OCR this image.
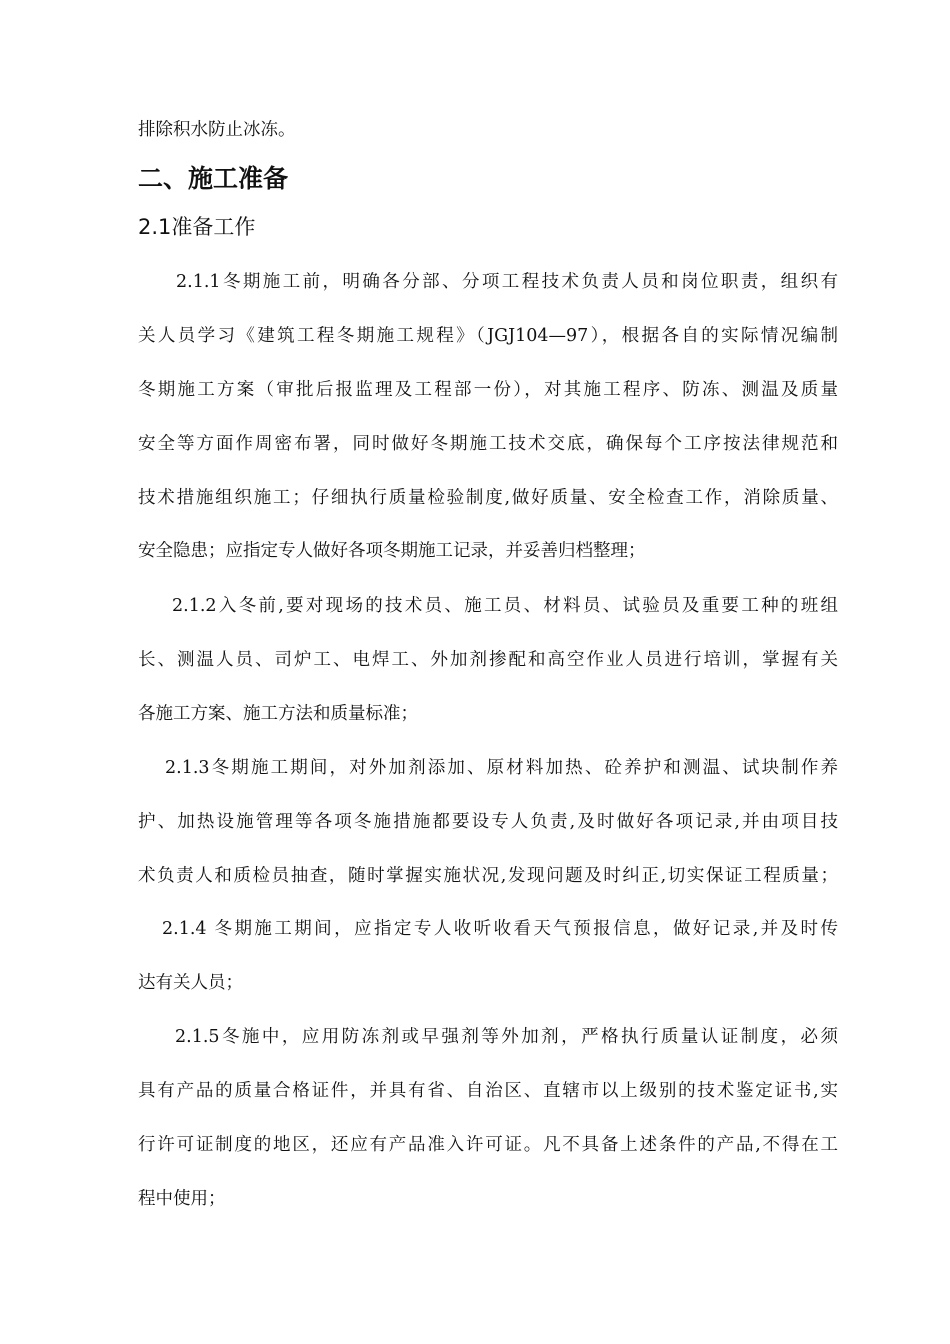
排除积水防止冰冻。
二、施工准备
2.1准备工作
2.1.1冬期施工前，明确各分部、分项工程技术负责人员和岗位职责，组织有
关人员学习《建筑工程冬期施工规程》（JGJ104—97），根据各自的实际情况编制
冬期施工方案（审批后报监理及工程部一份），对其施工程序、防冻、测温及质量
安全等方面作周密布署，同时做好冬期施工技术交底，确保每个工序按法律规范和
技术措施组织施工；仔细执行质量检验制度,做好质量、安全检查工作，消除质量、
安全隐患；应指定专人做好各项冬期施工记录，并妥善归档整理；
2.1.2入冬前,要对现场的技术员、施工员、材料员、试验员及重要工种的班组
长、测温人员、司炉工、电焊工、外加剂掺配和高空作业人员进行培训，掌握有关
各施工方案、施工方法和质量标准；
2.1.3冬期施工期间，对外加剂添加、原材料加热、砼养护和测温、试块制作养
护、加热设施管理等各项冬施措施都要设专人负责,及时做好各项记录,并由项目技
术负责人和质检员抽查，随时掌握实施状况,发现问题及时纠正,切实保证工程质量；
2.1.4 冬期施工期间，应指定专人收听收看天气预报信息，做好记录,并及时传
达有关人员；
2.1.5冬施中，应用防冻剂或早强剂等外加剂，严格执行质量认证制度，必须
具有产品的质量合格证件，并具有省、自治区、直辖市以上级别的技术鉴定证书,实
行许可证制度的地区，还应有产品准入许可证。凡不具备上述条件的产品,不得在工
程中使用；
